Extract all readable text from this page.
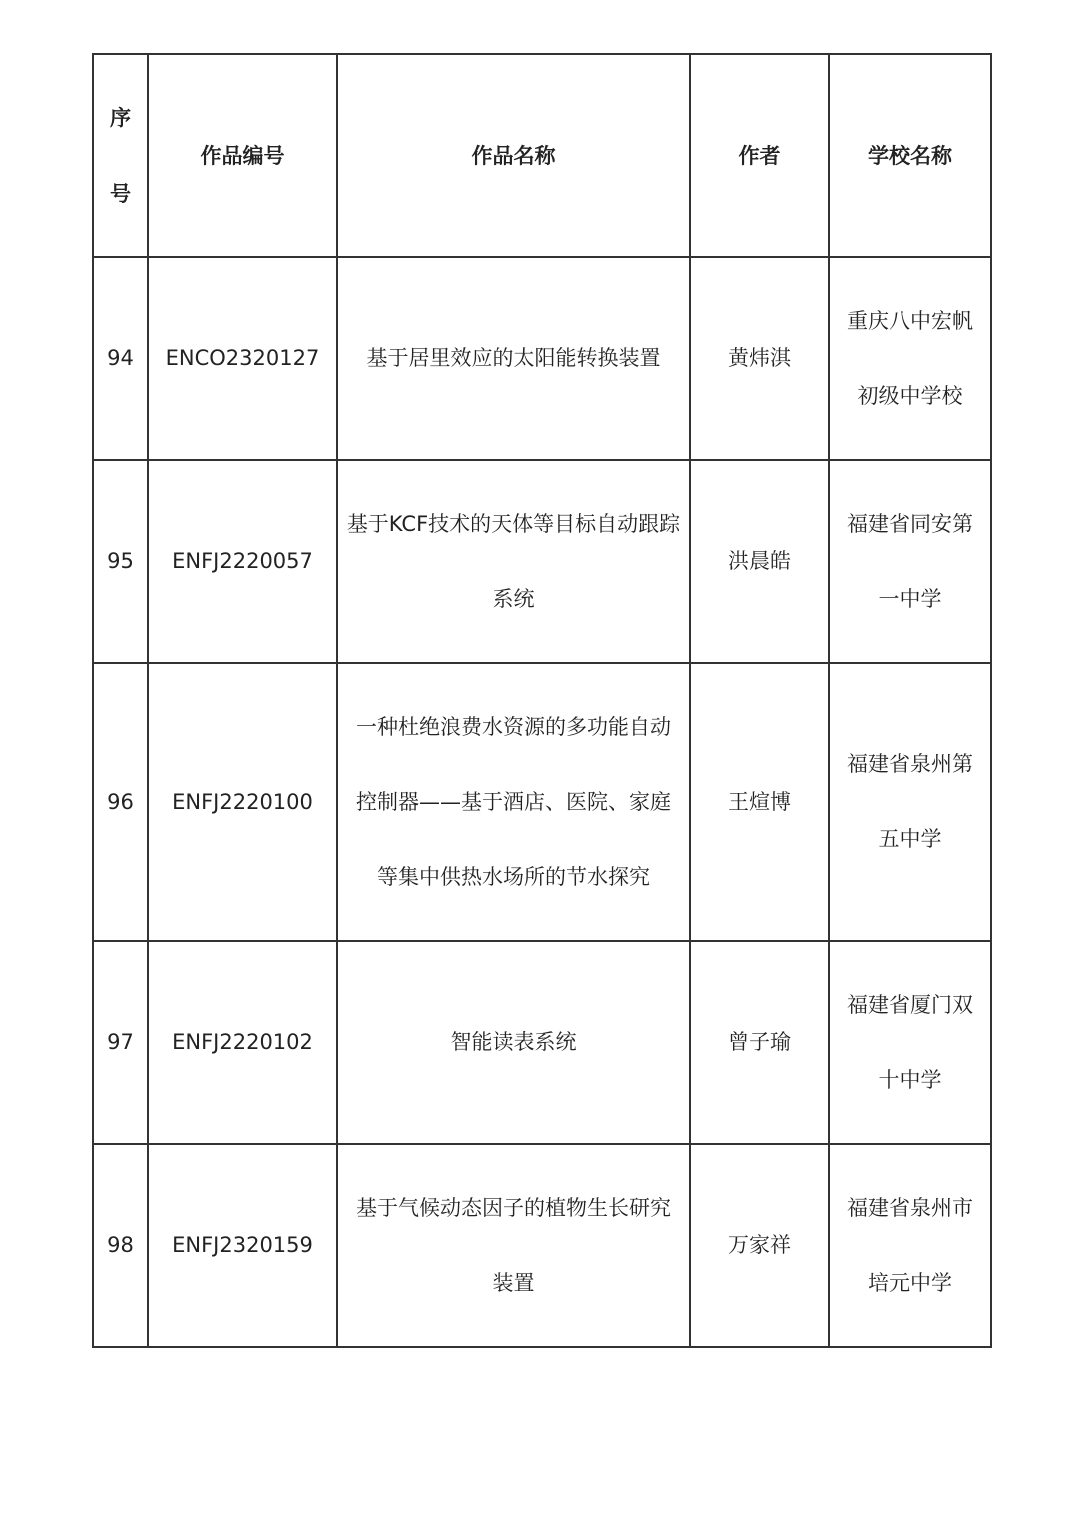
序号	作品编号	作品名称	作者	学校名称
94	ENCO2320127	基于居里效应的太阳能转换装置	黄炜淇	重庆八中宏帆初级中学校
95	ENFJ2220057	基于KCF技术的天体等目标自动跟踪系统	洪晨皓	福建省同安第一中学
96	ENFJ2220100	一种杜绝浪费水资源的多功能自动控制器——基于酒店、医院、家庭等集中供热水场所的节水探究	王煊博	福建省泉州第五中学
97	ENFJ2220102	智能读表系统	曾子瑜	福建省厦门双十中学
98	ENFJ2320159	基于气候动态因子的植物生长研究装置	万家祥	福建省泉州市培元中学
